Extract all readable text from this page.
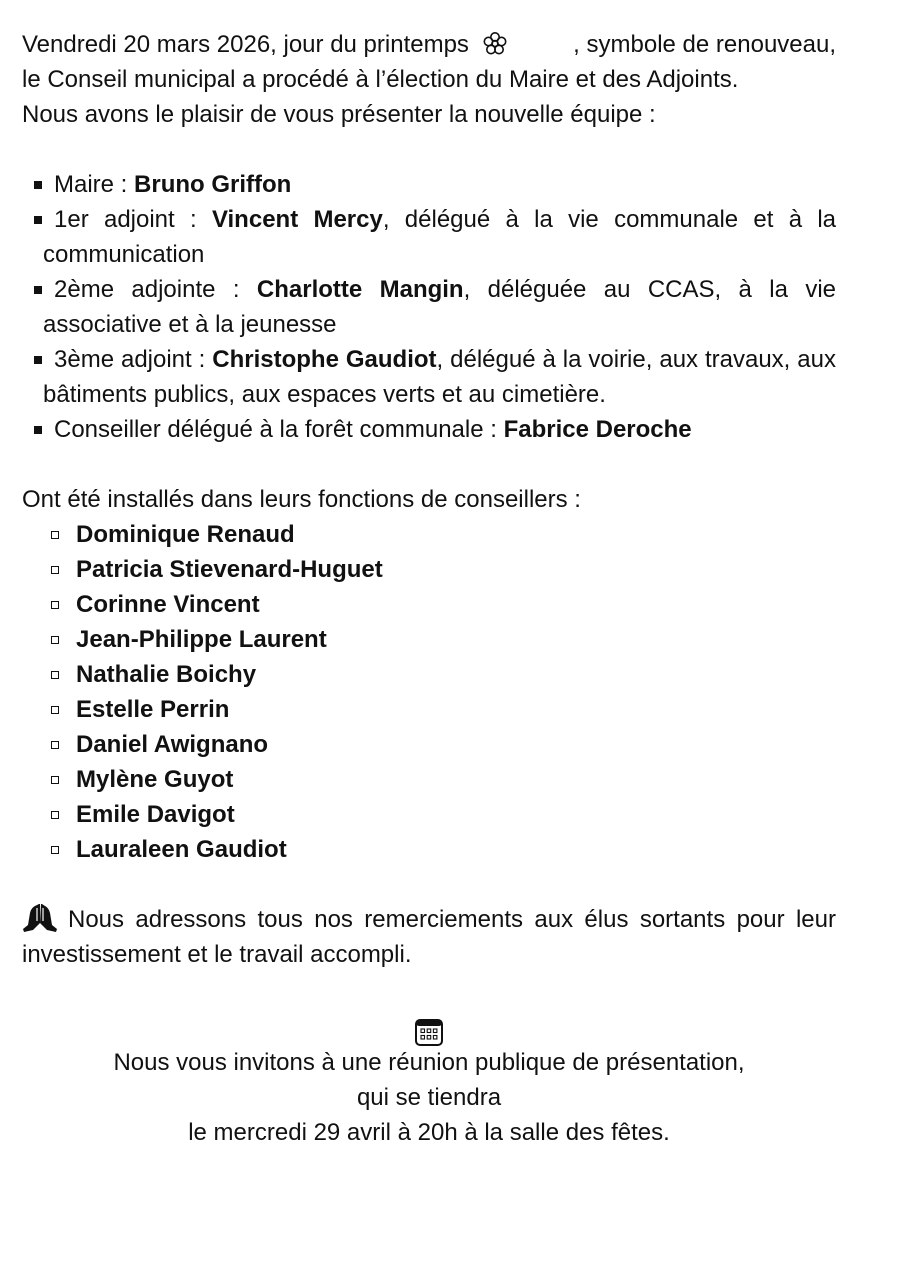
Vendredi 20 mars 2026, jour du printemps	, symbole de renouveau,

le Conseil municipal a procédé à l’élection du Maire et des Adjoints.

Nous avons le plaisir de vous présenter la nouvelle équipe :

Maire : Bruno Griffon
1er adjoint : Vincent Mercy, délégué à la vie communale et à la communication
2ème adjointe : Charlotte Mangin, déléguée au CCAS, à la vie associative et à la jeunesse
3ème adjoint : Christophe Gaudiot, délégué à la voirie, aux travaux, aux bâtiments publics, aux espaces verts et au cimetière.
Conseiller délégué à la forêt communale : Fabrice Deroche

Ont été installés dans leurs fonctions de conseillers :

Dominique Renaud
Patricia Stievenard-Huguet
Corinne Vincent
Jean-Philippe Laurent
Nathalie Boichy
Estelle Perrin
Daniel Awignano
Mylène Guyot
Emile Davigot
Lauraleen Gaudiot

Nous adressons tous nos remerciements aux élus sortants pour leur investissement et le travail accompli.

Nous vous invitons à une réunion publique de présentation,

qui se tiendra

le mercredi 29 avril à 20h à la salle des fêtes.
